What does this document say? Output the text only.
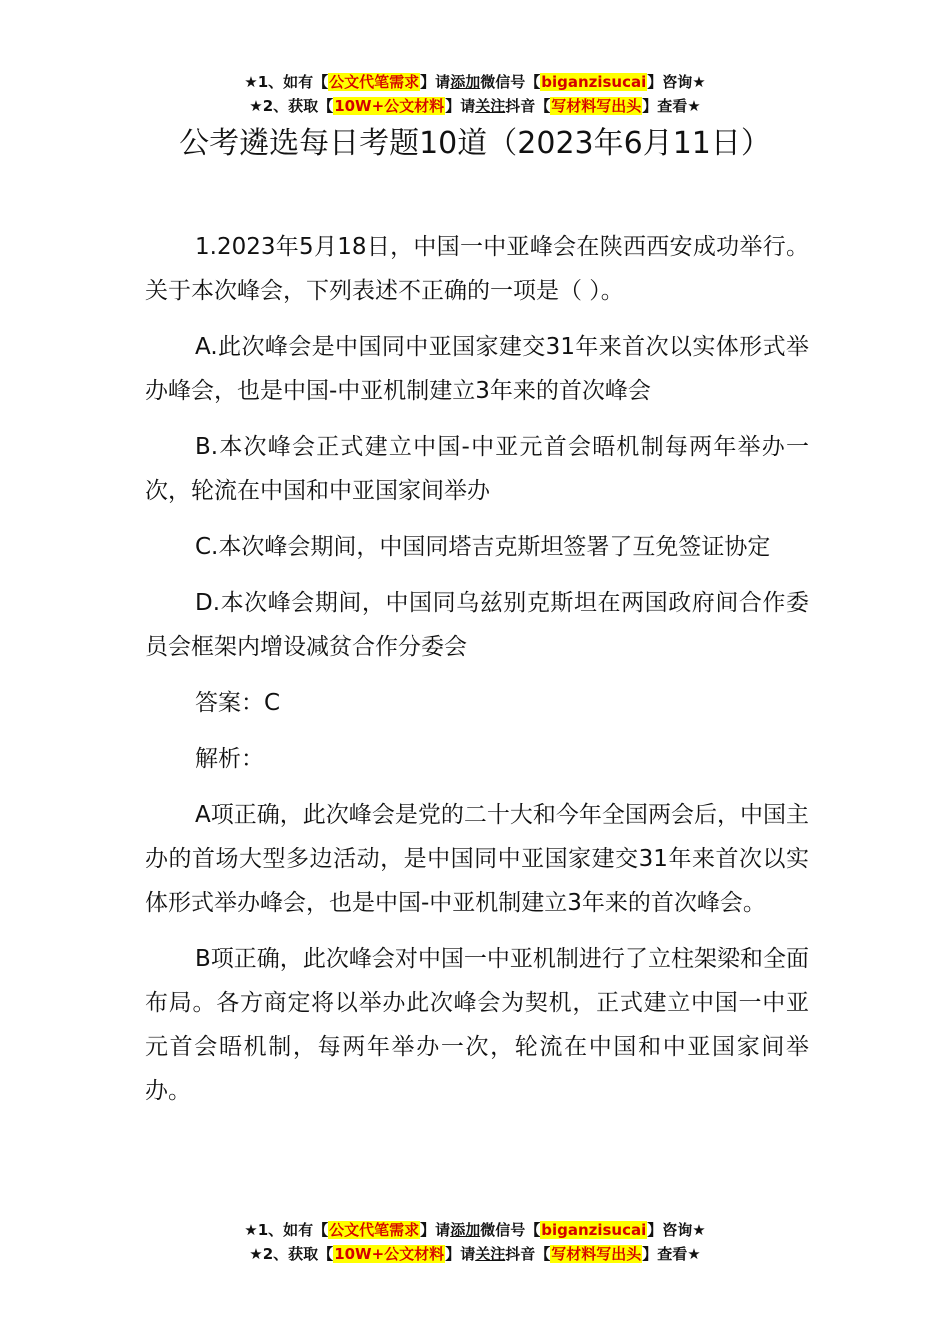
★1、如有【公文代笔需求】请添加微信号【biganzisucai】咨询★
★2、获取【10W+公文材料】请关注抖音【写材料写出头】查看★
公考遴选每日考题10道（2023年6月11日）

1.2023年5月18日，中国一中亚峰会在陕西西安成功举行。关于本次峰会，下列表述不正确的一项是（ ）。

A.此次峰会是中国同中亚国家建交31年来首次以实体形式举办峰会，也是中国-中亚机制建立3年来的首次峰会

B.本次峰会正式建立中国-中亚元首会晤机制每两年举办一次，轮流在中国和中亚国家间举办

C.本次峰会期间，中国同塔吉克斯坦签署了互免签证协定

D.本次峰会期间，中国同乌兹别克斯坦在两国政府间合作委员会框架内增设减贫合作分委会

答案：C

解析：

A项正确，此次峰会是党的二十大和今年全国两会后，中国主办的首场大型多边活动，是中国同中亚国家建交31年来首次以实体形式举办峰会，也是中国-中亚机制建立3年来的首次峰会。

B项正确，此次峰会对中国一中亚机制进行了立柱架梁和全面布局。各方商定将以举办此次峰会为契机，正式建立中国一中亚元首会晤机制，每两年举办一次，轮流在中国和中亚国家间举办。

★1、如有【公文代笔需求】请添加微信号【biganzisucai】咨询★
★2、获取【10W+公文材料】请关注抖音【写材料写出头】查看★
